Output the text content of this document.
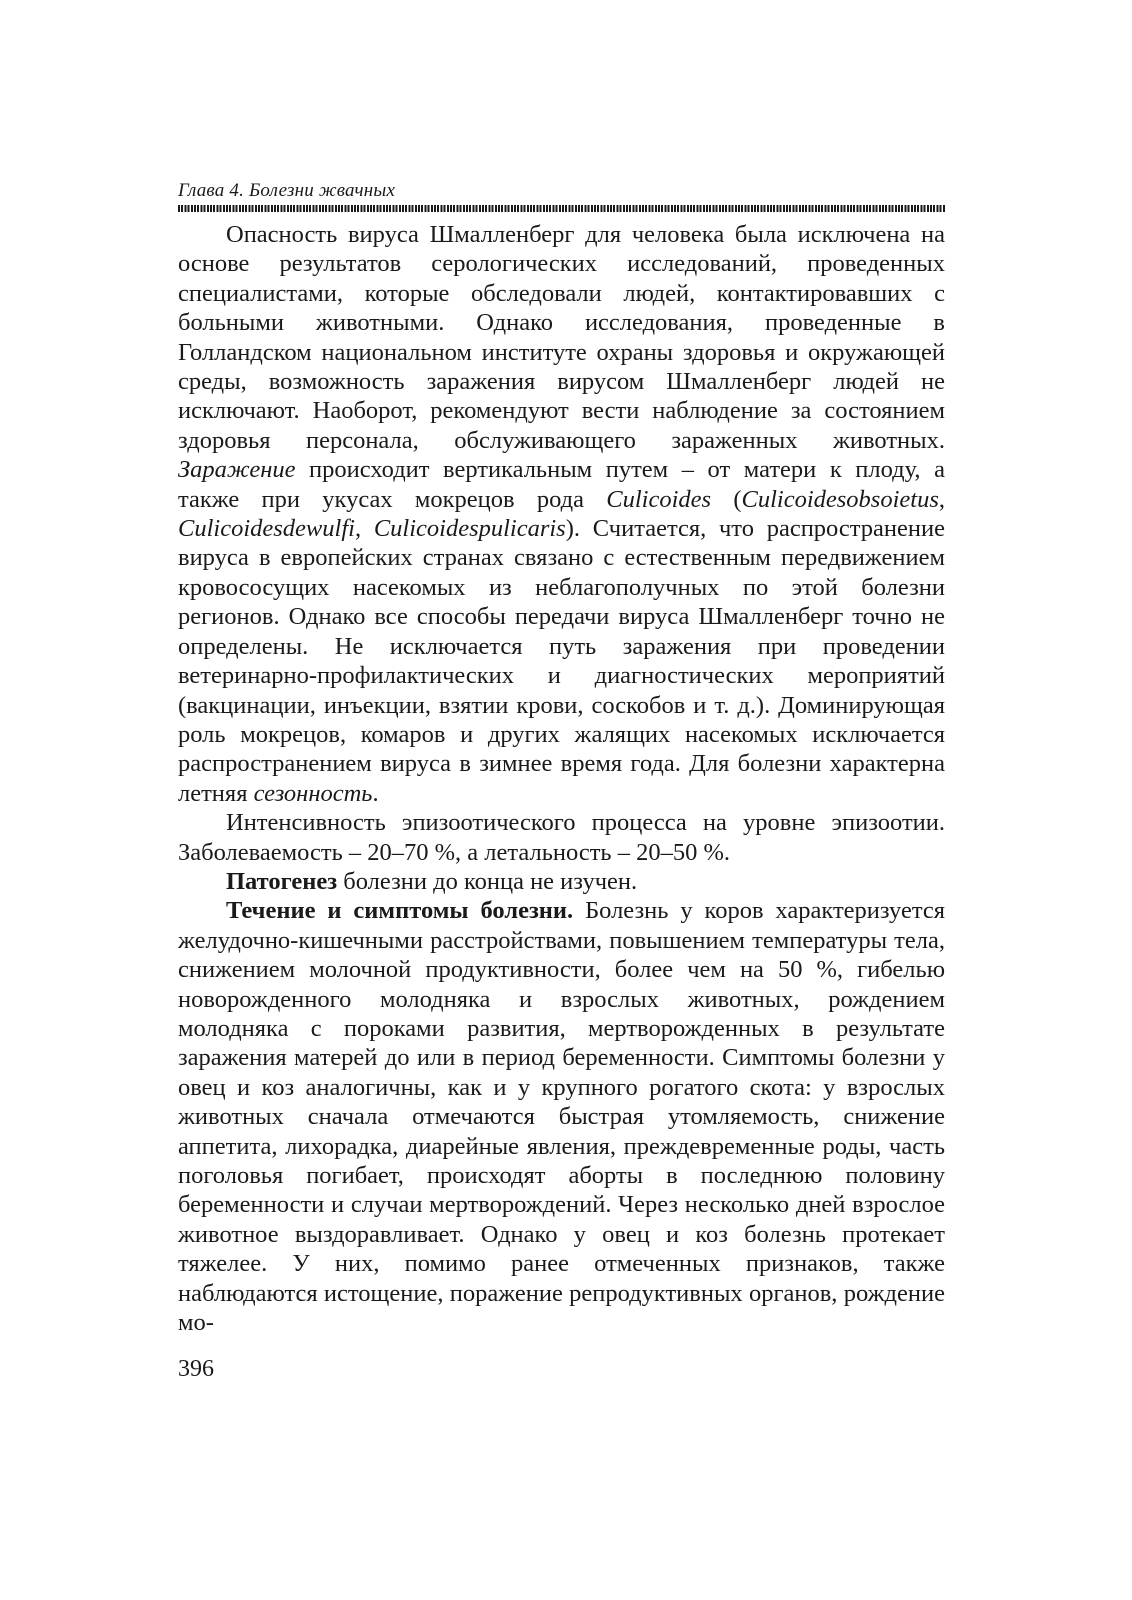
Глава 4. Болезни жвачных

Опасность вируса Шмалленберг для человека была исключена на основе результатов серологических исследований, проведенных специалистами, которые обследовали людей, контактировавших с больными животными. Однако исследования, проведенные в Голландском национальном институте охраны здоровья и окружающей среды, возможность заражения вирусом Шмалленберг людей не исключают. Наоборот, рекомендуют вести наблюдение за состоянием здоровья персонала, обслуживающего зараженных животных. Заражение происходит вертикальным путем – от матери к плоду, а также при укусах мокрецов рода Culicoides (Culicoidesobsoietus, Culicoidesdewulfi, Culicoidespulicaris). Считается, что распространение вируса в европейских странах связано с естественным передвижением кровососущих насекомых из неблагополучных по этой болезни регионов. Однако все способы передачи вируса Шмалленберг точно не определены. Не исключается путь заражения при проведении ветеринарно-профилактических и диагностических мероприятий (вакцинации, инъекции, взятии крови, соскобов и т. д.). Доминирующая роль мокрецов, комаров и других жалящих насекомых исключается распространением вируса в зимнее время года. Для болезни характерна летняя сезонность.

Интенсивность эпизоотического процесса на уровне эпизоотии. Заболеваемость – 20–70 %, а летальность – 20–50 %.

Патогенез болезни до конца не изучен.

Течение и симптомы болезни. Болезнь у коров характеризуется желудочно-кишечными расстройствами, повышением температуры тела, снижением молочной продуктивности, более чем на 50 %, гибелью новорожденного молодняка и взрослых животных, рождением молодняка с пороками развития, мертворожденных в результате заражения матерей до или в период беременности. Симптомы болезни у овец и коз аналогичны, как и у крупного рогатого скота: у взрослых животных сначала отмечаются быстрая утомляемость, снижение аппетита, лихорадка, диарейные явления, преждевременные роды, часть поголовья погибает, происходят аборты в последнюю половину беременности и случаи мертворождений. Через несколько дней взрослое животное выздоравливает. Однако у овец и коз болезнь протекает тяжелее. У них, помимо ранее отмеченных признаков, также наблюдаются истощение, поражение репродуктивных органов, рождение мо-

396
